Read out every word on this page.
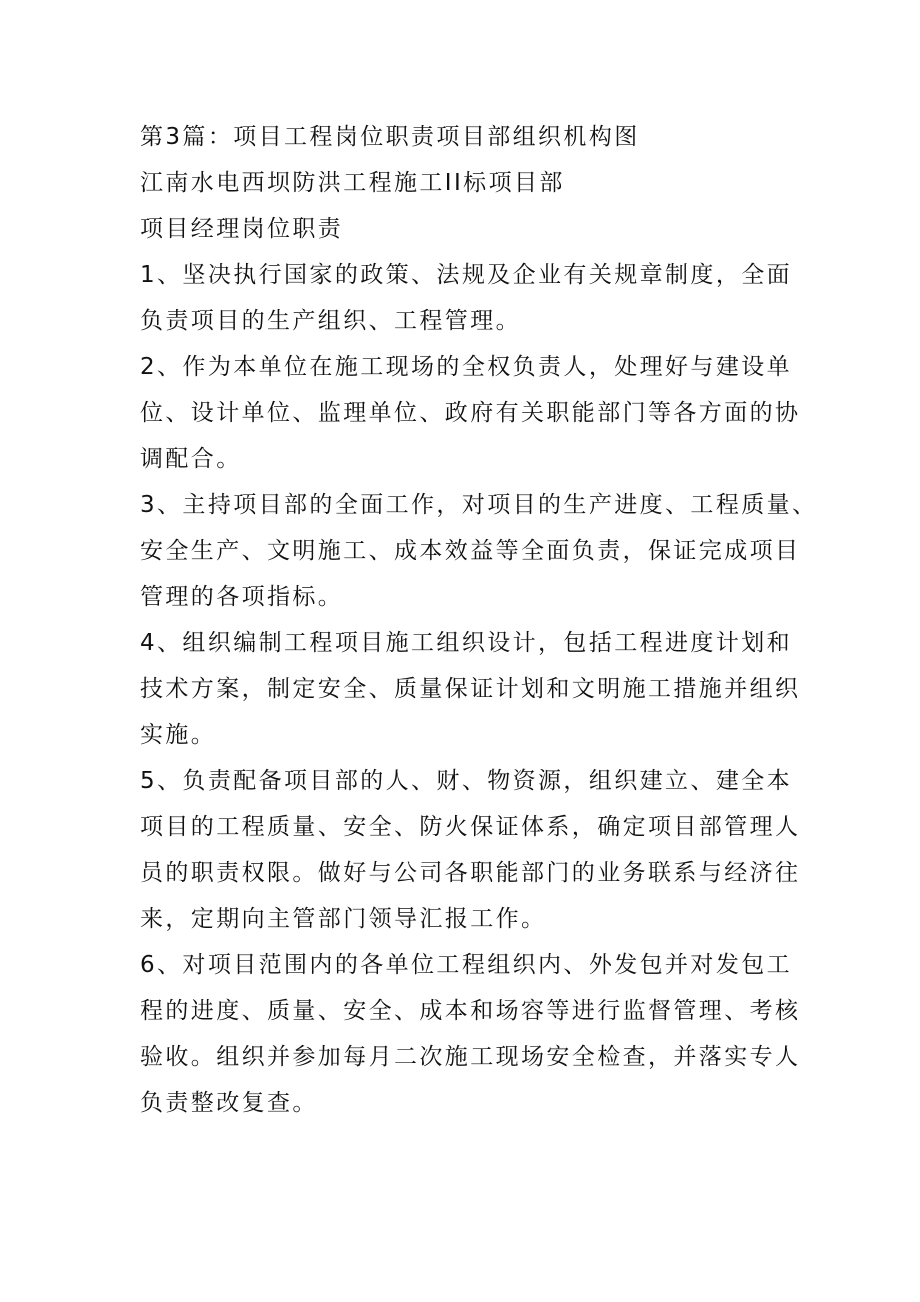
第3篇：项目工程岗位职责项目部组织机构图
江南水电西坝防洪工程施工II标项目部
项目经理岗位职责
1、坚决执行国家的政策、法规及企业有关规章制度，全面
负责项目的生产组织、工程管理。
2、作为本单位在施工现场的全权负责人，处理好与建设单
位、设计单位、监理单位、政府有关职能部门等各方面的协
调配合。
3、主持项目部的全面工作，对项目的生产进度、工程质量、
安全生产、文明施工、成本效益等全面负责，保证完成项目
管理的各项指标。
4、组织编制工程项目施工组织设计，包括工程进度计划和
技术方案，制定安全、质量保证计划和文明施工措施并组织
实施。
5、负责配备项目部的人、财、物资源，组织建立、建全本
项目的工程质量、安全、防火保证体系，确定项目部管理人
员的职责权限。做好与公司各职能部门的业务联系与经济往
来，定期向主管部门领导汇报工作。
6、对项目范围内的各单位工程组织内、外发包并对发包工
程的进度、质量、安全、成本和场容等进行监督管理、考核
验收。组织并参加每月二次施工现场安全检查，并落实专人
负责整改复查。
